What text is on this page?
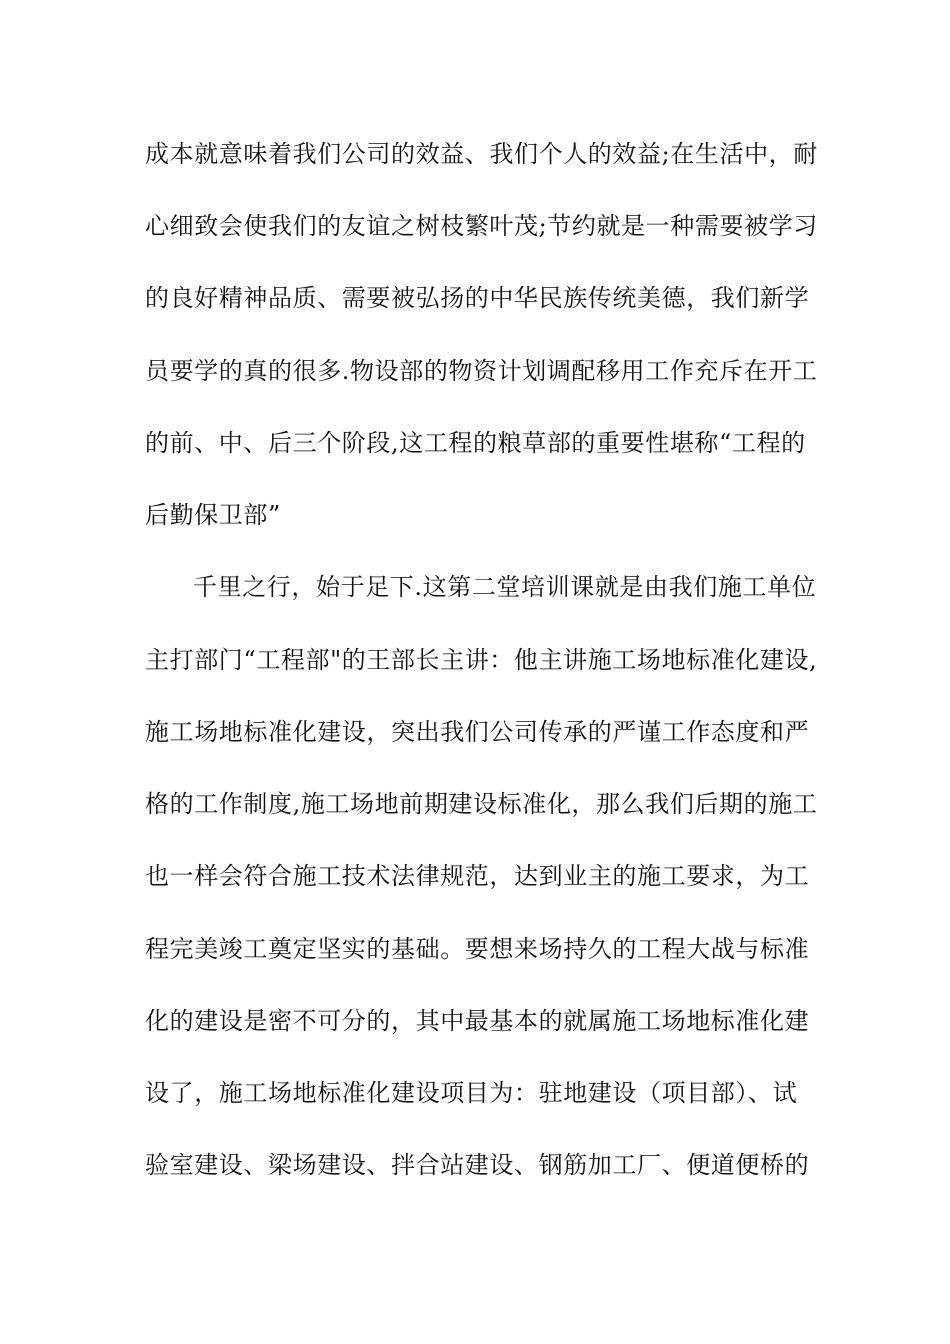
成本就意味着我们公司的效益、我们个人的效益;在生活中，耐
心细致会使我们的友谊之树枝繁叶茂;节约就是一种需要被学习
的良好精神品质、需要被弘扬的中华民族传统美德，我们新学
员要学的真的很多.物设部的物资计划调配移用工作充斥在开工
的前、中、后三个阶段,这工程的粮草部的重要性堪称“工程的
后勤保卫部”
千里之行，始于足下.这第二堂培训课就是由我们施工单位
主打部门“工程部"的王部长主讲：他主讲施工场地标准化建设,
施工场地标准化建设，突出我们公司传承的严谨工作态度和严
格的工作制度,施工场地前期建设标准化，那么我们后期的施工
也一样会符合施工技术法律规范，达到业主的施工要求，为工
程完美竣工奠定坚实的基础。要想来场持久的工程大战与标准
化的建设是密不可分的，其中最基本的就属施工场地标准化建
设了，施工场地标准化建设项目为：驻地建设（项目部）、试
验室建设、梁场建设、拌合站建设、钢筋加工厂、便道便桥的
